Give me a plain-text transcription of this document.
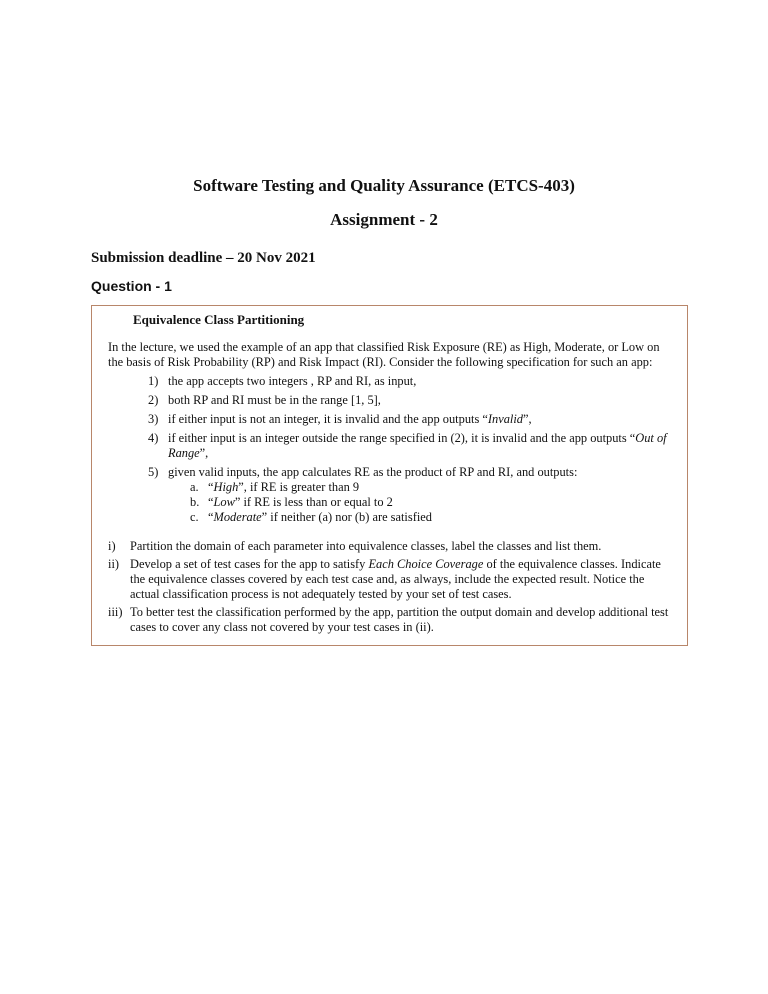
Software Testing and Quality Assurance (ETCS-403)
Assignment - 2
Submission deadline – 20 Nov 2021
Question - 1
Equivalence Class Partitioning
In the lecture, we used the example of an app that classified Risk Exposure (RE) as High, Moderate, or Low on the basis of Risk Probability (RP) and Risk Impact (RI). Consider the following specification for such an app:
1) the app accepts two integers , RP and RI, as input,
2) both RP and RI must be in the range [1, 5],
3) if either input is not an integer, it is invalid and the app outputs “Invalid”,
4) if either input is an integer outside the range specified in (2), it is invalid and the app outputs “Out of Range”,
5) given valid inputs, the app calculates RE as the product of RP and RI, and outputs:
a. “High”, if RE is greater than 9
b. “Low” if RE is less than or equal to 2
c. “Moderate” if neither (a) nor (b) are satisfied
i) Partition the domain of each parameter into equivalence classes, label the classes and list them.
ii) Develop a set of test cases for the app to satisfy Each Choice Coverage of the equivalence classes. Indicate the equivalence classes covered by each test case and, as always, include the expected result. Notice the actual classification process is not adequately tested by your set of test cases.
iii) To better test the classification performed by the app, partition the output domain and develop additional test cases to cover any class not covered by your test cases in (ii).
